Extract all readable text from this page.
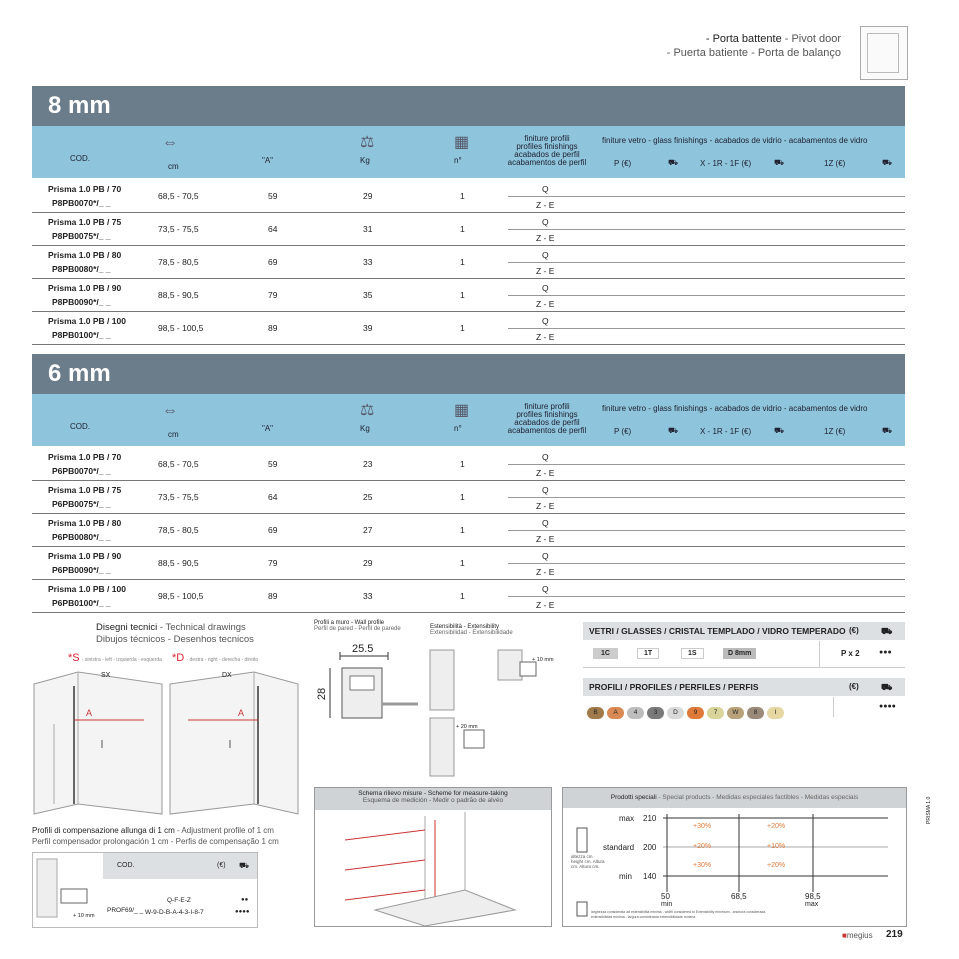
- Porta battente - Pivot door
- Puerta batiente - Porta de balanço
8 mm
COD.
cm
"A"	Kg	n°
⇔	⚖	▦	finiture profili
profiles finishings
acabados de perfil
acabamentos de perfil
finiture vetro - glass finishings - acabados de vidrio - acabamentos de vidro
P (€)	X - 1R - 1F (€)	1Z (€)
⛟	⛟	⛟
Prisma 1.0 PB / 70
P8PB0070*/_ _
68,5 - 70,5	59	29	1
Q
Z - E
Prisma 1.0 PB / 75
P8PB0075*/_ _
73,5 - 75,5	64	31	1
Q
Z - E
Prisma 1.0 PB / 80
P8PB0080*/_ _
78,5 - 80,5	69	33	1
Q
Z - E
Prisma 1.0 PB / 90
P8PB0090*/_ _
88,5 - 90,5	79	35	1
Q
Z - E
Prisma 1.0 PB / 100
P8PB0100*/_ _
98,5 - 100,5	89	39	1
Q
Z - E
6 mm
COD.
cm
"A"	Kg	n°
⇔	⚖	▦	finiture profili
profiles finishings
acabados de perfil
acabamentos de perfil
finiture vetro - glass finishings - acabados de vidrio - acabamentos de vidro
P (€)	X - 1R - 1F (€)	1Z (€)
⛟	⛟	⛟
Prisma 1.0 PB / 70
P6PB0070*/_ _
68,5 - 70,5	59	23	1
Q
Z - E
Prisma 1.0 PB / 75
P6PB0075*/_ _
73,5 - 75,5	64	25	1
Q
Z - E
Prisma 1.0 PB / 80
P6PB0080*/_ _
78,5 - 80,5	69	27	1
Q
Z - E
Prisma 1.0 PB / 90
P6PB0090*/_ _
88,5 - 90,5	79	29	1
Q
Z - E
Prisma 1.0 PB / 100
P6PB0100*/_ _
98,5 - 100,5	89	33	1
Q
Z - E
Disegni tecnici - Technical drawings
Dibujos técnicos - Desenhos tecnicos
*S - sinistra - left - izquierda - esquerda *D - destra - right - derecha - direito
SX
A
DX
A
Profili a muro - Wall profile
Perfil de pared - Perfil de parede
25.5
28
Estensibilità - Extensibility
Extensibilidad - Extensibilidade
+ 10 mm
+ 20 mm
VETRI / GLASSES / CRISTAL TEMPLADO / VIDRO TEMPERADO (€) ⛟
1C	1T	1S	D 8mm	P x 2	●●●
PROFILI / PROFILES / PERFILES / PERFIS	(€) ⛟
B A 4	3 D 9	7 W 8	I
●●●●
Profili di compensazione allunga di 1 cm - Adjustment profile of 1 cm
Perfil compensador prolongación 1 cm - Perfis de compensação 1 cm
COD.	(€) ⛟
+ 10 mm
PROF69/_ _
Q-F-E-Z
W-9-D-B-A-4-3-I-8-7
●●
●●●●
Schema rilievo misure - Scheme for measure-taking
Esquema de medición - Medir o padrão de alvéo	Prodotti speciali - Special products - Medidas especiales factibles - Medidas especiais
max 210
standard 200
min 140
altezza cm. height cm. Altura cm. Altura cm.
+30%	+20%
+20%	+10%
+30%	+20%
50
min
68,5	98,5
max
larghezza considerata ad estensibilità minima - width considered to Extensibility minimum - anchura considerada extensibilidad mínima - largura considerada extensibilidade mínima
PRISMA 1.0
■megius 219
